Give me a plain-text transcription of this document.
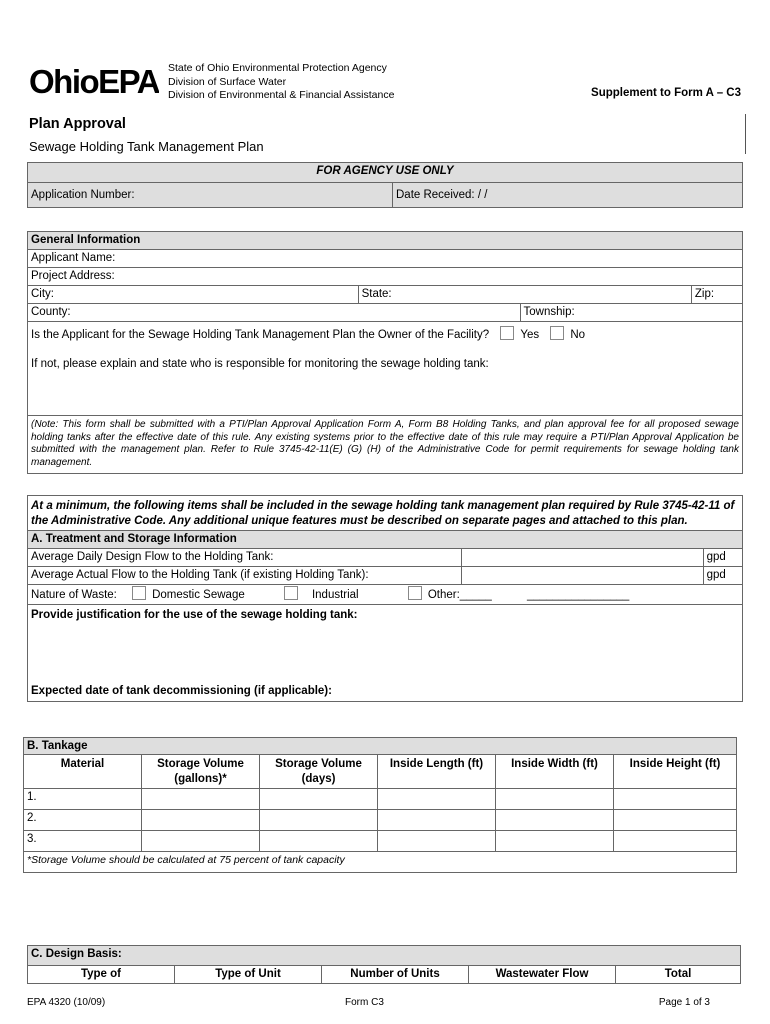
OhioEPA State of Ohio Environmental Protection Agency
Division of Surface Water
Division of Environmental & Financial Assistance	Supplement to Form A – C3
Plan Approval
Sewage Holding Tank Management Plan
FOR AGENCY USE ONLY
Application Number:	Date Received: / /
General Information			
Applicant Name:			
Project Address:			
City:	State:		Zip:
County:		Township:	

Is the Applicant for the Sewage Holding Tank Management Plan the Owner of the Facility? Yes No
If not, please explain and state who is responsible for monitoring the sewage holding tank:			

(Note: This form shall be submitted with a PTI/Plan Approval Application Form A, Form B8 Holding Tanks, and plan approval fee for all proposed sewage holding tanks after the effective date of this rule. Any existing systems prior to the effective date of this rule may require a PTI/Plan Approval Application be submitted with the management plan. Refer to Rule 3745-42-11(E) (G) (H) of the Administrative Code for permit requirements for sewage holding tank management.			
At a minimum, the following items shall be included in the sewage holding tank management plan required by Rule 3745-42-11 of the Administrative Code. Any additional unique features must be described on separate pages and attached to this plan.		
A. Treatment and Storage Information		
Average Daily Design Flow to the Holding Tank:		gpd
Average Actual Flow to the Holding Tank (if existing Holding Tank):		gpd
Nature of Waste: Domestic Sewage Industrial Other:_____ ________________		

Provide justification for the use of the sewage holding tank:
Expected date of tank decommissioning (if applicable):		
B. Tankage					
Material	Storage Volume (gallons)*	Storage Volume (days)	Inside Length (ft)	Inside Width (ft)	Inside Height (ft)
1.					
2.					
3.					
*Storage Volume should be calculated at 75 percent of tank capacity					
C. Design Basis:
Type of	Type of Unit	Number of Units	Wastewater Flow	Total
EPA 4320 (10/09)	Form C3	Page 1 of 3
